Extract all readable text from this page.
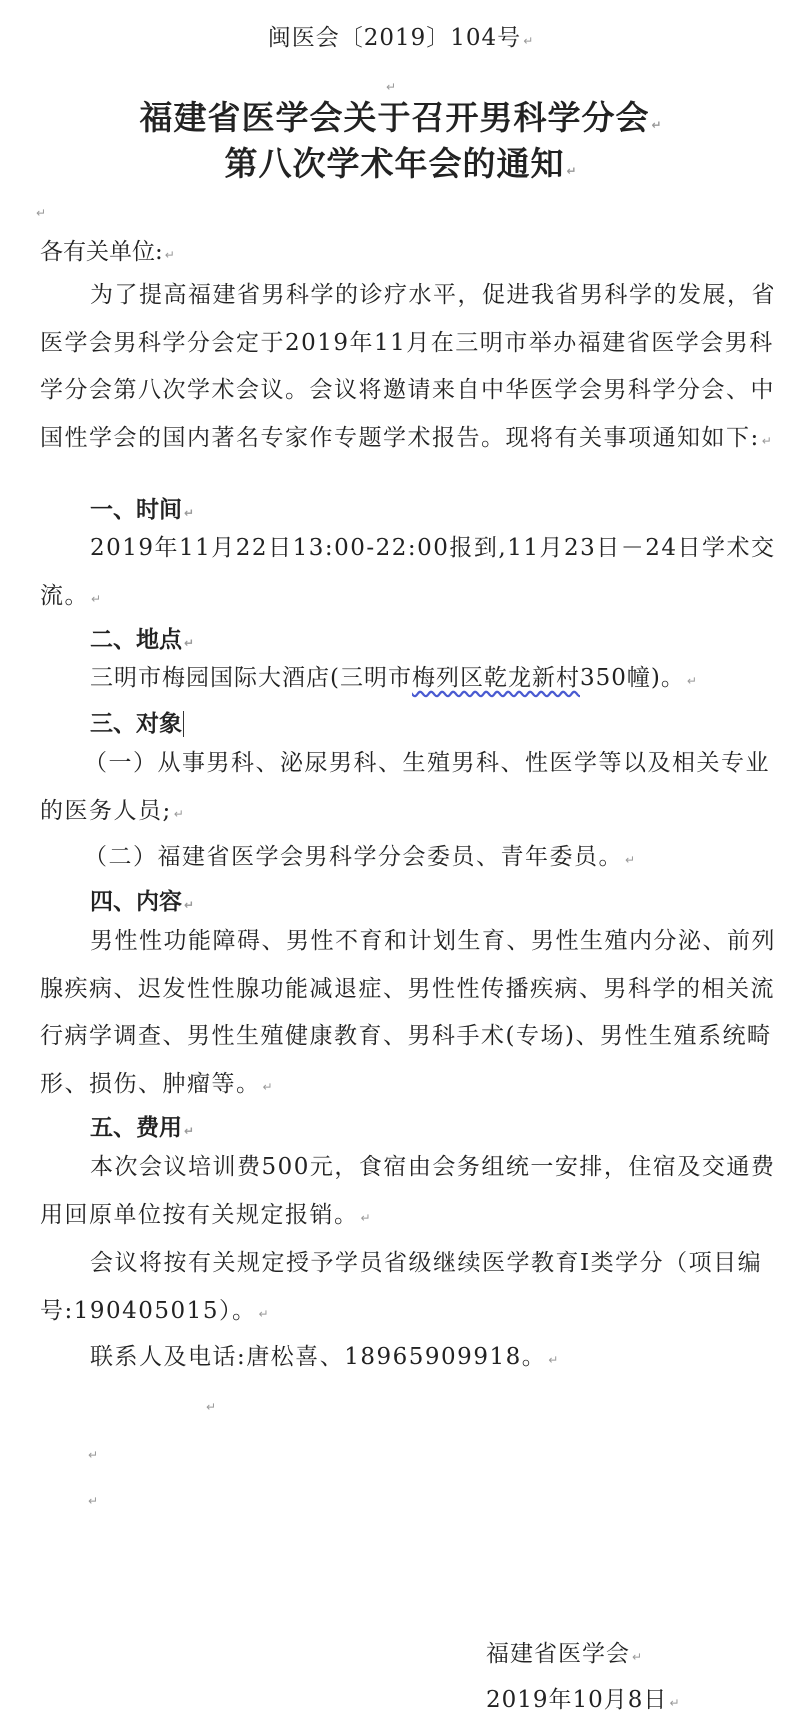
闽医会〔2019〕104号 ↵
↵
福建省医学会关于召开男科学分会 ↵
第八次学术年会的通知 ↵
↵
各有关单位: ↵
为了提高福建省男科学的诊疗水平，促进我省男科学的发展，省医学会男科学分会定于2019年11月在三明市举办福建省医学会男科学分会第八次学术会议。会议将邀请来自中华医学会男科学分会、中国性学会的国内著名专家作专题学术报告。现将有关事项通知如下: ↵
一、时间 ↵
2019年11月22日13:00-22:00报到,11月23日－24日学术交流。 ↵
二、地点 ↵
三明市梅园国际大酒店(三明市梅列区乾龙新村350幢)。 ↵
三、对象
（一）从事男科、泌尿男科、生殖男科、性医学等以及相关专业的医务人员; ↵
（二）福建省医学会男科学分会委员、青年委员。 ↵
四、内容 ↵
男性性功能障碍、男性不育和计划生育、男性生殖内分泌、前列腺疾病、迟发性性腺功能减退症、男性性传播疾病、男科学的相关流行病学调查、男性生殖健康教育、男科手术(专场)、男性生殖系统畸形、损伤、肿瘤等。 ↵
五、费用 ↵
本次会议培训费500元，食宿由会务组统一安排，住宿及交通费用回原单位按有关规定报销。 ↵
会议将按有关规定授予学员省级继续医学教育Ⅰ类学分（项目编号:190405015）。 ↵
联系人及电话:唐松喜、18965909918。 ↵
↵
↵
↵
福建省医学会 ↵
2019年10月8日 ↵
